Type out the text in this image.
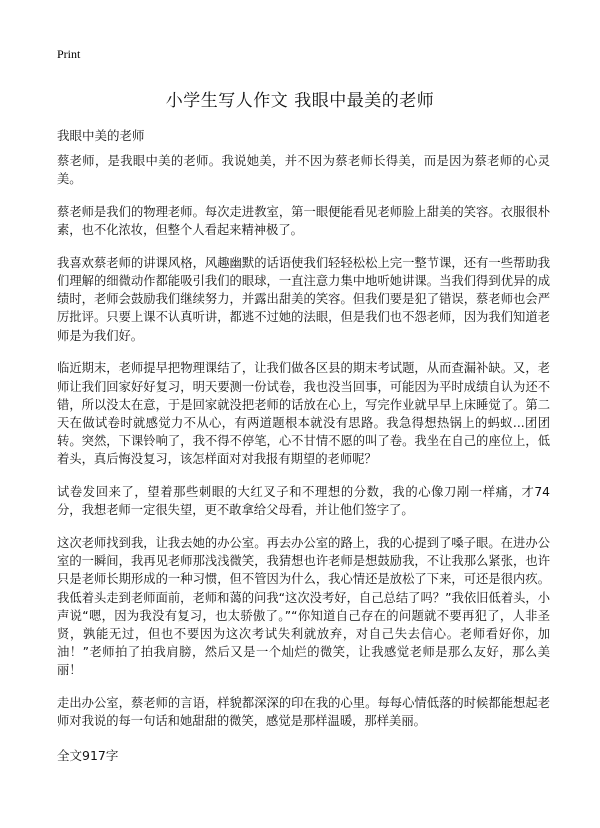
Print
小学生写人作文 我眼中最美的老师
我眼中美的老师

蔡老师，是我眼中美的老师。我说她美，并不因为蔡老师长得美，而是因为蔡老师的心灵美。

蔡老师是我们的物理老师。每次走进教室，第一眼便能看见老师脸上甜美的笑容。衣服很朴素，也不化浓妆，但整个人看起来精神极了。

我喜欢蔡老师的讲课风格，风趣幽默的话语使我们轻轻松松上完一整节课，还有一些帮助我们理解的细微动作都能吸引我们的眼球，一直注意力集中地听她讲课。当我们得到优异的成绩时，老师会鼓励我们继续努力，并露出甜美的笑容。但我们要是犯了错误，蔡老师也会严厉批评。只要上课不认真听讲，都逃不过她的法眼，但是我们也不怨老师，因为我们知道老师是为我们好。

临近期末，老师提早把物理课结了，让我们做各区县的期末考试题，从而查漏补缺。又，老师让我们回家好好复习，明天要测一份试卷，我也没当回事，可能因为平时成绩自认为还不错，所以没太在意，于是回家就没把老师的话放在心上，写完作业就早早上床睡觉了。第二天在做试卷时就感觉力不从心，有两道题根本就没有思路。我急得想热锅上的蚂蚁...团团转。突然，下课铃响了，我不得不停笔，心不甘情不愿的叫了卷。我坐在自己的座位上，低着头，真后悔没复习，该怎样面对对我报有期望的老师呢？

试卷发回来了，望着那些刺眼的大红叉子和不理想的分数，我的心像刀剐一样痛，才74分，我想老师一定很失望，更不敢拿给父母看，并让他们签字了。

这次老师找到我，让我去她的办公室。再去办公室的路上，我的心提到了嗓子眼。在进办公室的一瞬间，我再见老师那浅浅微笑，我猜想也许老师是想鼓励我，不让我那么紧张，也许只是老师长期形成的一种习惯，但不管因为什么，我心情还是放松了下来，可还是很内疚。我低着头走到老师面前，老师和蔼的问我“这次没考好，自己总结了吗？”我依旧低着头，小声说“嗯，因为我没有复习，也太骄傲了。”“你知道自己存在的问题就不要再犯了，人非圣贤，孰能无过，但也不要因为这次考试失利就放弃，对自己失去信心。老师看好你，加油！”老师拍了拍我肩膀，然后又是一个灿烂的微笑，让我感觉老师是那么友好，那么美丽！

走出办公室，蔡老师的言语，样貌都深深的印在我的心里。每每心情低落的时候都能想起老师对我说的每一句话和她甜甜的微笑，感觉是那样温暖，那样美丽。

全文917字
